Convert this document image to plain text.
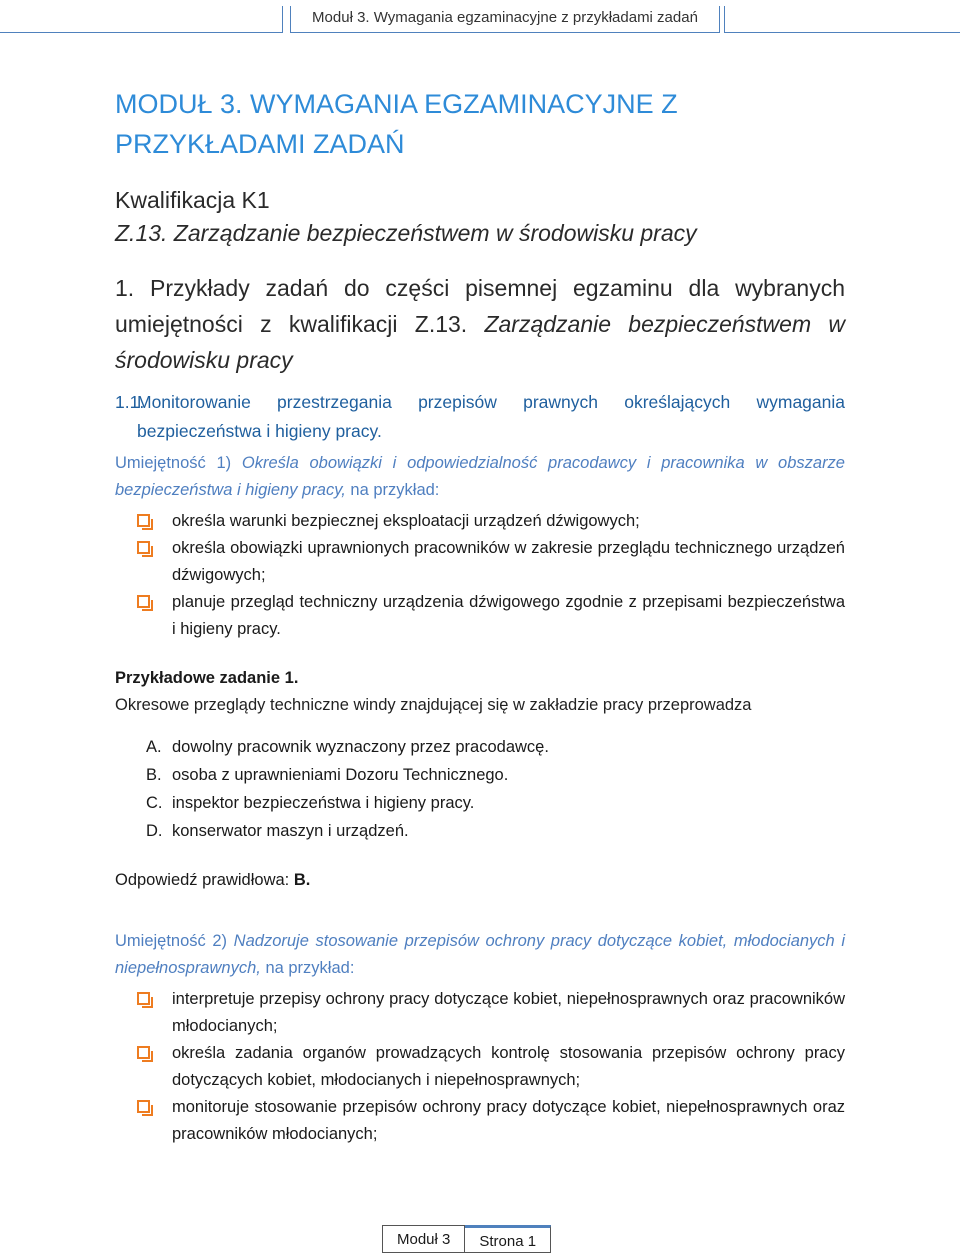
Moduł 3. Wymagania egzaminacyjne z przykładami zadań
MODUŁ 3. WYMAGANIA EGZAMINACYJNE Z PRZYKŁADAMI ZADAŃ
Kwalifikacja K1
Z.13. Zarządzanie bezpieczeństwem w środowisku pracy
1. Przykłady zadań do części pisemnej egzaminu dla wybranych umiejętności z kwalifikacji Z.13. Zarządzanie bezpieczeństwem w środowisku pracy
1.1.
Monitorowanie przestrzegania przepisów prawnych określających wymagania bezpieczeństwa i higieny pracy.
Umiejętność 1) Określa obowiązki i odpowiedzialność pracodawcy i pracownika w obszarze bezpieczeństwa i higieny pracy, na przykład:
określa warunki bezpiecznej eksploatacji urządzeń dźwigowych;
określa obowiązki uprawnionych pracowników w zakresie przeglądu technicznego urządzeń dźwigowych;
planuje przegląd techniczny urządzenia dźwigowego zgodnie z przepisami bezpieczeństwa i higieny pracy.
Przykładowe zadanie 1.
Okresowe przeglądy techniczne windy znajdującej się w zakładzie pracy przeprowadza
A. dowolny pracownik wyznaczony przez pracodawcę.
B. osoba z uprawnieniami Dozoru Technicznego.
C. inspektor bezpieczeństwa i higieny pracy.
D. konserwator maszyn i urządzeń.
Odpowiedź prawidłowa: B.
Umiejętność 2) Nadzoruje stosowanie przepisów ochrony pracy dotyczące kobiet, młodocianych i niepełnosprawnych, na przykład:
interpretuje przepisy ochrony pracy dotyczące kobiet, niepełnosprawnych oraz pracowników młodocianych;
określa zadania organów prowadzących kontrolę stosowania przepisów ochrony pracy dotyczących kobiet, młodocianych i niepełnosprawnych;
monitoruje stosowanie przepisów ochrony pracy dotyczące kobiet, niepełnosprawnych oraz pracowników młodocianych;
Moduł 3	Strona 1
